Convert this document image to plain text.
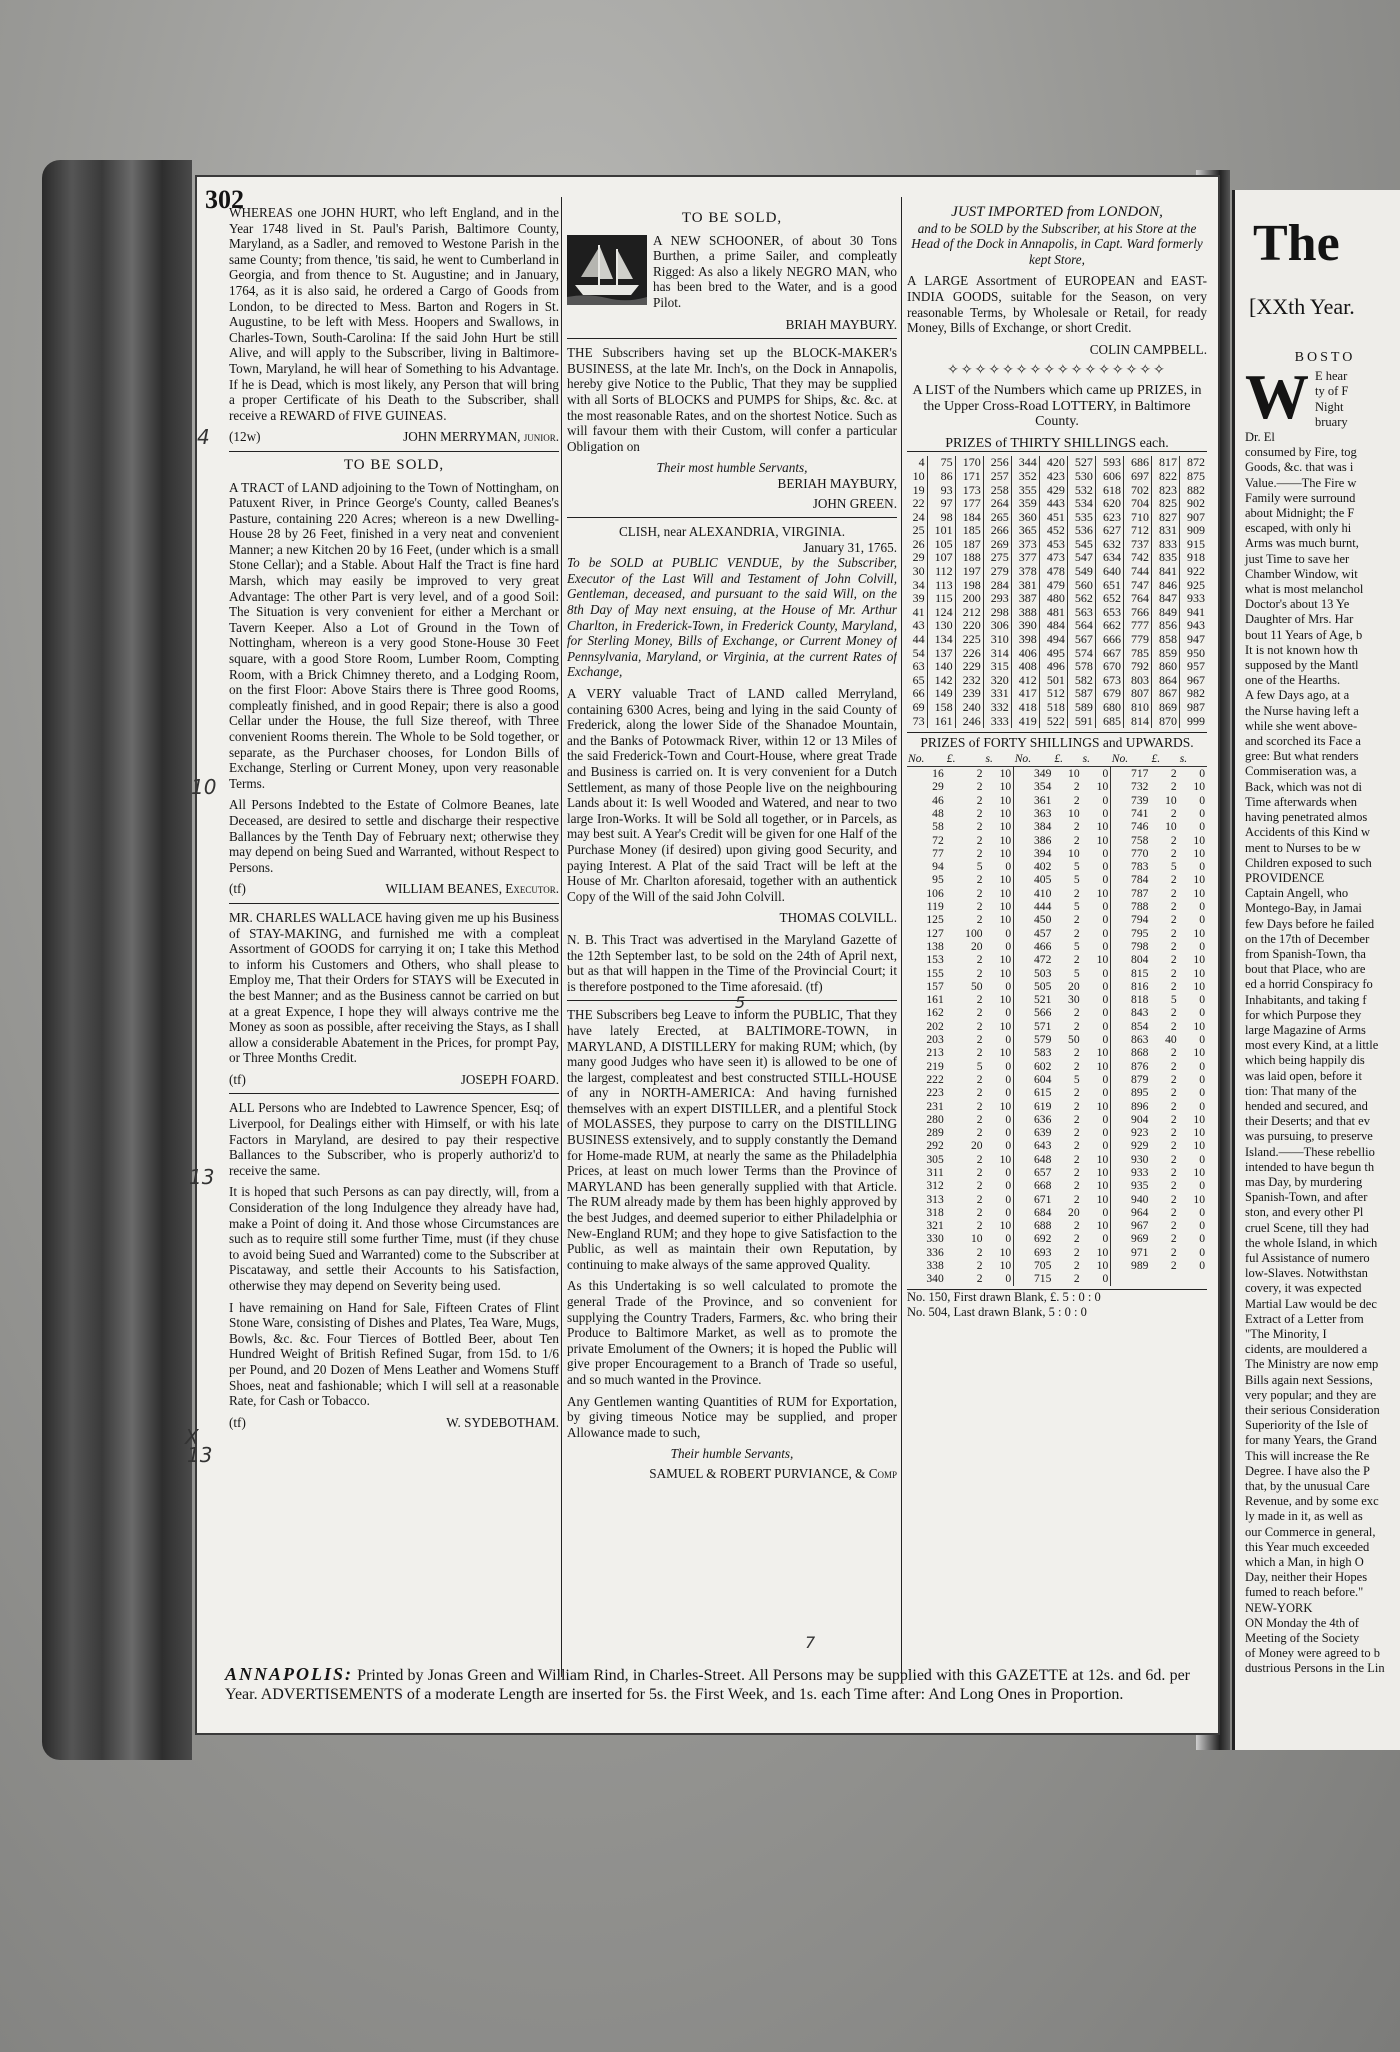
302
4
10
13
X
13

WHEREAS one JOHN HURT, who left England, and in the Year 1748 lived in St. Paul's Parish, Baltimore County, Maryland, as a Sadler, and removed to Westone Parish in the same County; from thence, 'tis said, he went to Cumberland in Georgia, and from thence to St. Augustine; and in January, 1764, as it is also said, he ordered a Cargo of Goods from London, to be directed to Mess. Barton and Rogers in St. Augustine, to be left with Mess. Hoopers and Swallows, in Charles-Town, South-Carolina: If the said John Hurt be still Alive, and will apply to the Subscriber, living in Baltimore-Town, Maryland, he will hear of Something to his Advantage. If he is Dead, which is most likely, any Person that will bring a proper Certificate of his Death to the Subscriber, shall receive a REWARD of FIVE GUINEAS.

(12w)	JOHN MERRYMAN, junior.
TO BE SOLD,

A TRACT of LAND adjoining to the Town of Nottingham, on Patuxent River, in Prince George's County, called Beanes's Pasture, containing 220 Acres; whereon is a new Dwelling-House 28 by 26 Feet, finished in a very neat and convenient Manner; a new Kitchen 20 by 16 Feet, (under which is a small Stone Cellar); and a Stable. About Half the Tract is fine hard Marsh, which may easily be improved to very great Advantage: The other Part is very level, and of a good Soil: The Situation is very convenient for either a Merchant or Tavern Keeper. Also a Lot of Ground in the Town of Nottingham, whereon is a very good Stone-House 30 Feet square, with a good Store Room, Lumber Room, Compting Room, with a Brick Chimney thereto, and a Lodging Room, on the first Floor: Above Stairs there is Three good Rooms, compleatly finished, and in good Repair; there is also a good Cellar under the House, the full Size thereof, with Three convenient Rooms therein. The Whole to be Sold together, or separate, as the Purchaser chooses, for London Bills of Exchange, Sterling or Current Money, upon very reasonable Terms.

All Persons Indebted to the Estate of Colmore Beanes, late Deceased, are desired to settle and discharge their respective Ballances by the Tenth Day of February next; otherwise they may depend on being Sued and Warranted, without Respect to Persons.

(tf)	WILLIAM BEANES, Executor.

MR. CHARLES WALLACE having given me up his Business of STAY-MAKING, and furnished me with a compleat Assortment of GOODS for carrying it on; I take this Method to inform his Customers and Others, who shall please to Employ me, That their Orders for STAYS will be Executed in the best Manner; and as the Business cannot be carried on but at a great Expence, I hope they will always contrive me the Money as soon as possible, after receiving the Stays, as I shall allow a considerable Abatement in the Prices, for prompt Pay, or Three Months Credit.

(tf)	JOSEPH FOARD.

ALL Persons who are Indebted to Lawrence Spencer, Esq; of Liverpool, for Dealings either with Himself, or with his late Factors in Maryland, are desired to pay their respective Ballances to the Subscriber, who is properly authoriz'd to receive the same.

It is hoped that such Persons as can pay directly, will, from a Consideration of the long Indulgence they already have had, make a Point of doing it. And those whose Circumstances are such as to require still some further Time, must (if they chuse to avoid being Sued and Warranted) come to the Subscriber at Piscataway, and settle their Accounts to his Satisfaction, otherwise they may depend on Severity being used.

I have remaining on Hand for Sale, Fifteen Crates of Flint Stone Ware, consisting of Dishes and Plates, Tea Ware, Mugs, Bowls, &c. &c. Four Tierces of Bottled Beer, about Ten Hundred Weight of British Refined Sugar, from 15d. to 1/6 per Pound, and 20 Dozen of Mens Leather and Womens Stuff Shoes, neat and fashionable; which I will sell at a reasonable Rate, for Cash or Tobacco.

(tf)	W. SYDEBOTHAM.
TO BE SOLD,

A NEW SCHOONER, of about 30 Tons Burthen, a prime Sailer, and compleatly Rigged: As also a likely NEGRO MAN, who has been bred to the Water, and is a good Pilot.

BRIAH MAYBURY.

THE Subscribers having set up the BLOCK-MAKER's BUSINESS, at the late Mr. Inch's, on the Dock in Annapolis, hereby give Notice to the Public, That they may be supplied with all Sorts of BLOCKS and PUMPS for Ships, &c. &c. at the most reasonable Rates, and on the shortest Notice. Such as will favour them with their Custom, will confer a particular Obligation on

Their most humble Servants,
BERIAH MAYBURY,
JOHN GREEN.
CLISH, near ALEXANDRIA, VIRGINIA.
January 31, 1765.

To be SOLD at PUBLIC VENDUE, by the Subscriber, Executor of the Last Will and Testament of John Colvill, Gentleman, deceased, and pursuant to the said Will, on the 8th Day of May next ensuing, at the House of Mr. Arthur Charlton, in Frederick-Town, in Frederick County, Maryland, for Sterling Money, Bills of Exchange, or Current Money of Pennsylvania, Maryland, or Virginia, at the current Rates of Exchange,

A VERY valuable Tract of LAND called Merryland, containing 6300 Acres, being and lying in the said County of Frederick, along the lower Side of the Shanadoe Mountain, and the Banks of Potowmack River, within 12 or 13 Miles of the said Frederick-Town and Court-House, where great Trade and Business is carried on. It is very convenient for a Dutch Settlement, as many of those People live on the neighbouring Lands about it: Is well Wooded and Watered, and near to two large Iron-Works. It will be Sold all together, or in Parcels, as may best suit. A Year's Credit will be given for one Half of the Purchase Money (if desired) upon giving good Security, and paying Interest. A Plat of the said Tract will be left at the House of Mr. Charlton aforesaid, together with an authentick Copy of the Will of the said John Colvill.

THOMAS COLVILL.

N. B. This Tract was advertised in the Maryland Gazette of the 12th September last, to be sold on the 24th of April next, but as that will happen in the Time of the Provincial Court; it is therefore postponed to the Time aforesaid. (tf)

THE Subscribers beg Leave to inform the PUBLIC, That they have lately Erected, at BALTIMORE-TOWN, in MARYLAND, A DISTILLERY for making RUM; which, (by many good Judges who have seen it) is allowed to be one of the largest, compleatest and best constructed STILL-HOUSE of any in NORTH-AMERICA: And having furnished themselves with an expert DISTILLER, and a plentiful Stock of MOLASSES, they purpose to carry on the DISTILLING BUSINESS extensively, and to supply constantly the Demand for Home-made RUM, at nearly the same as the Philadelphia Prices, at least on much lower Terms than the Province of MARYLAND has been generally supplied with that Article. The RUM already made by them has been highly approved by the best Judges, and deemed superior to either Philadelphia or New-England RUM; and they hope to give Satisfaction to the Public, as well as maintain their own Reputation, by continuing to make always of the same approved Quality.

As this Undertaking is so well calculated to promote the general Trade of the Province, and so convenient for supplying the Country Traders, Farmers, &c. who bring their Produce to Baltimore Market, as well as to promote the private Emolument of the Owners; it is hoped the Public will give proper Encouragement to a Branch of Trade so useful, and so much wanted in the Province.

Any Gentlemen wanting Quantities of RUM for Exportation, by giving timeous Notice may be supplied, and proper Allowance made to such,

Their humble Servants,
SAMUEL & ROBERT PURVIANCE, & Comp
JUST IMPORTED from LONDON,

and to be SOLD by the Subscriber, at his Store at the Head of the Dock in Annapolis, in Capt. Ward formerly kept Store,

A LARGE Assortment of EUROPEAN and EAST-INDIA GOODS, suitable for the Season, on very reasonable Terms, by Wholesale or Retail, for ready Money, Bills of Exchange, or short Credit.

COLIN CAMPBELL.
✧✧✧✧✧✧✧✧✧✧✧✧✧✧✧✧

A LIST of the Numbers which came up PRIZES, in the Upper Cross-Road LOTTERY, in Baltimore County.

PRIZES of THIRTY SHILLINGS each.
4	75	170	256	344	420	527	593	686	817	872
10	86	171	257	352	423	530	606	697	822	875
19	93	173	258	355	429	532	618	702	823	882
22	97	177	264	359	443	534	620	704	825	902
24	98	184	265	360	451	535	623	710	827	907
25	101	185	266	365	452	536	627	712	831	909
26	105	187	269	373	453	545	632	737	833	915
29	107	188	275	377	473	547	634	742	835	918
30	112	197	279	378	478	549	640	744	841	922
34	113	198	284	381	479	560	651	747	846	925
39	115	200	293	387	480	562	652	764	847	933
41	124	212	298	388	481	563	653	766	849	941
43	130	220	306	390	484	564	662	777	856	943
44	134	225	310	398	494	567	666	779	858	947
54	137	226	314	406	495	574	667	785	859	950
63	140	229	315	408	496	578	670	792	860	957
65	142	232	320	412	501	582	673	803	864	967
66	149	239	331	417	512	587	679	807	867	982
69	158	240	332	418	518	589	680	810	869	987
73	161	246	333	419	522	591	685	814	870	999
PRIZES of FORTY SHILLINGS and UPWARDS.
No.	£.	s.	No.	£.	s.	No.	£.	s.
16	2	10	349	10	0	717	2	0
29	2	10	354	2	10	732	2	10
46	2	10	361	2	0	739	10	0
48	2	10	363	10	0	741	2	0
58	2	10	384	2	10	746	10	0
72	2	10	386	2	10	758	2	10
77	2	10	394	10	0	770	2	10
94	5	0	402	5	0	783	5	0
95	2	10	405	5	0	784	2	10
106	2	10	410	2	10	787	2	10
119	2	10	444	5	0	788	2	0
125	2	10	450	2	0	794	2	0
127	100	0	457	2	0	795	2	10
138	20	0	466	5	0	798	2	0
153	2	10	472	2	10	804	2	10
155	2	10	503	5	0	815	2	10
157	50	0	505	20	0	816	2	10
161	2	10	521	30	0	818	5	0
162	2	0	566	2	0	843	2	0
202	2	10	571	2	0	854	2	10
203	2	0	579	50	0	863	40	0
213	2	10	583	2	10	868	2	10
219	5	0	602	2	10	876	2	0
222	2	0	604	5	0	879	2	0
223	2	0	615	2	0	895	2	0
231	2	10	619	2	10	896	2	0
280	2	0	636	2	0	904	2	10
289	2	0	639	2	0	923	2	10
292	20	0	643	2	0	929	2	10
305	2	10	648	2	10	930	2	0
311	2	0	657	2	10	933	2	10
312	2	0	668	2	10	935	2	0
313	2	0	671	2	10	940	2	10
318	2	0	684	20	0	964	2	0
321	2	10	688	2	10	967	2	0
330	10	0	692	2	0	969	2	0
336	2	10	693	2	10	971	2	0
338	2	10	705	2	10	989	2	0
340	2	0	715	2	0			
No. 150, First drawn Blank, £. 5 : 0 : 0
No. 504, Last drawn Blank, 5 : 0 : 0
5
7
ANNAPOLIS: Printed by Jonas Green and William Rind, in Charles-Street. All Persons may be supplied with this GAZETTE at 12s. and 6d. per Year. ADVERTISEMENTS of a moderate Length are inserted for 5s. the First Week, and 1s. each Time after: And Long Ones in Proportion.
The
[XXth Year.
BOSTO
W E hear
ty of F
Night
bruary
Dr. El
consumed by Fire, tog
Goods, &c. that was i
Value.——The Fire w
Family were surround
about Midnight; the F
escaped, with only hi
Arms was much burnt,
just Time to save her
Chamber Window, wit
what is most melanchol
Doctor's about 13 Ye
Daughter of Mrs. Har
bout 11 Years of Age, b
It is not known how th
supposed by the Mantl
one of the Hearths.
A few Days ago, at a
the Nurse having left a
while she went above-
and scorched its Face a
gree: But what renders
Commiseration was, a
Back, which was not di
Time afterwards when
having penetrated almos
Accidents of this Kind w
ment to Nurses to be w
Children exposed to such
PROVIDENCE
Captain Angell, who
Montego-Bay, in Jamai
few Days before he failed
on the 17th of December
from Spanish-Town, tha
bout that Place, who are
ed a horrid Conspiracy fo
Inhabitants, and taking f
for which Purpose they
large Magazine of Arms
most every Kind, at a little
which being happily dis
was laid open, before it
tion: That many of the
hended and secured, and
their Deserts; and that ev
was pursuing, to preserve
Island.——These rebellio
intended to have begun th
mas Day, by murdering
Spanish-Town, and after
ston, and every other Pl
cruel Scene, till they had
the whole Island, in which
ful Assistance of numero
low-Slaves. Notwithstan
covery, it was expected
Martial Law would be dec
Extract of a Letter from
"The Minority, I
cidents, are mouldered a
The Ministry are now emp
Bills again next Sessions,
very popular; and they are
their serious Consideration
Superiority of the Isle of
for many Years, the Grand
This will increase the Re
Degree. I have also the P
that, by the unusual Care
Revenue, and by some exc
ly made in it, as well as
our Commerce in general,
this Year much exceeded
which a Man, in high O
Day, neither their Hopes
fumed to reach before."
NEW-YORK
ON Monday the 4th of
Meeting of the Society
of Money were agreed to b
dustrious Persons in the Lin
